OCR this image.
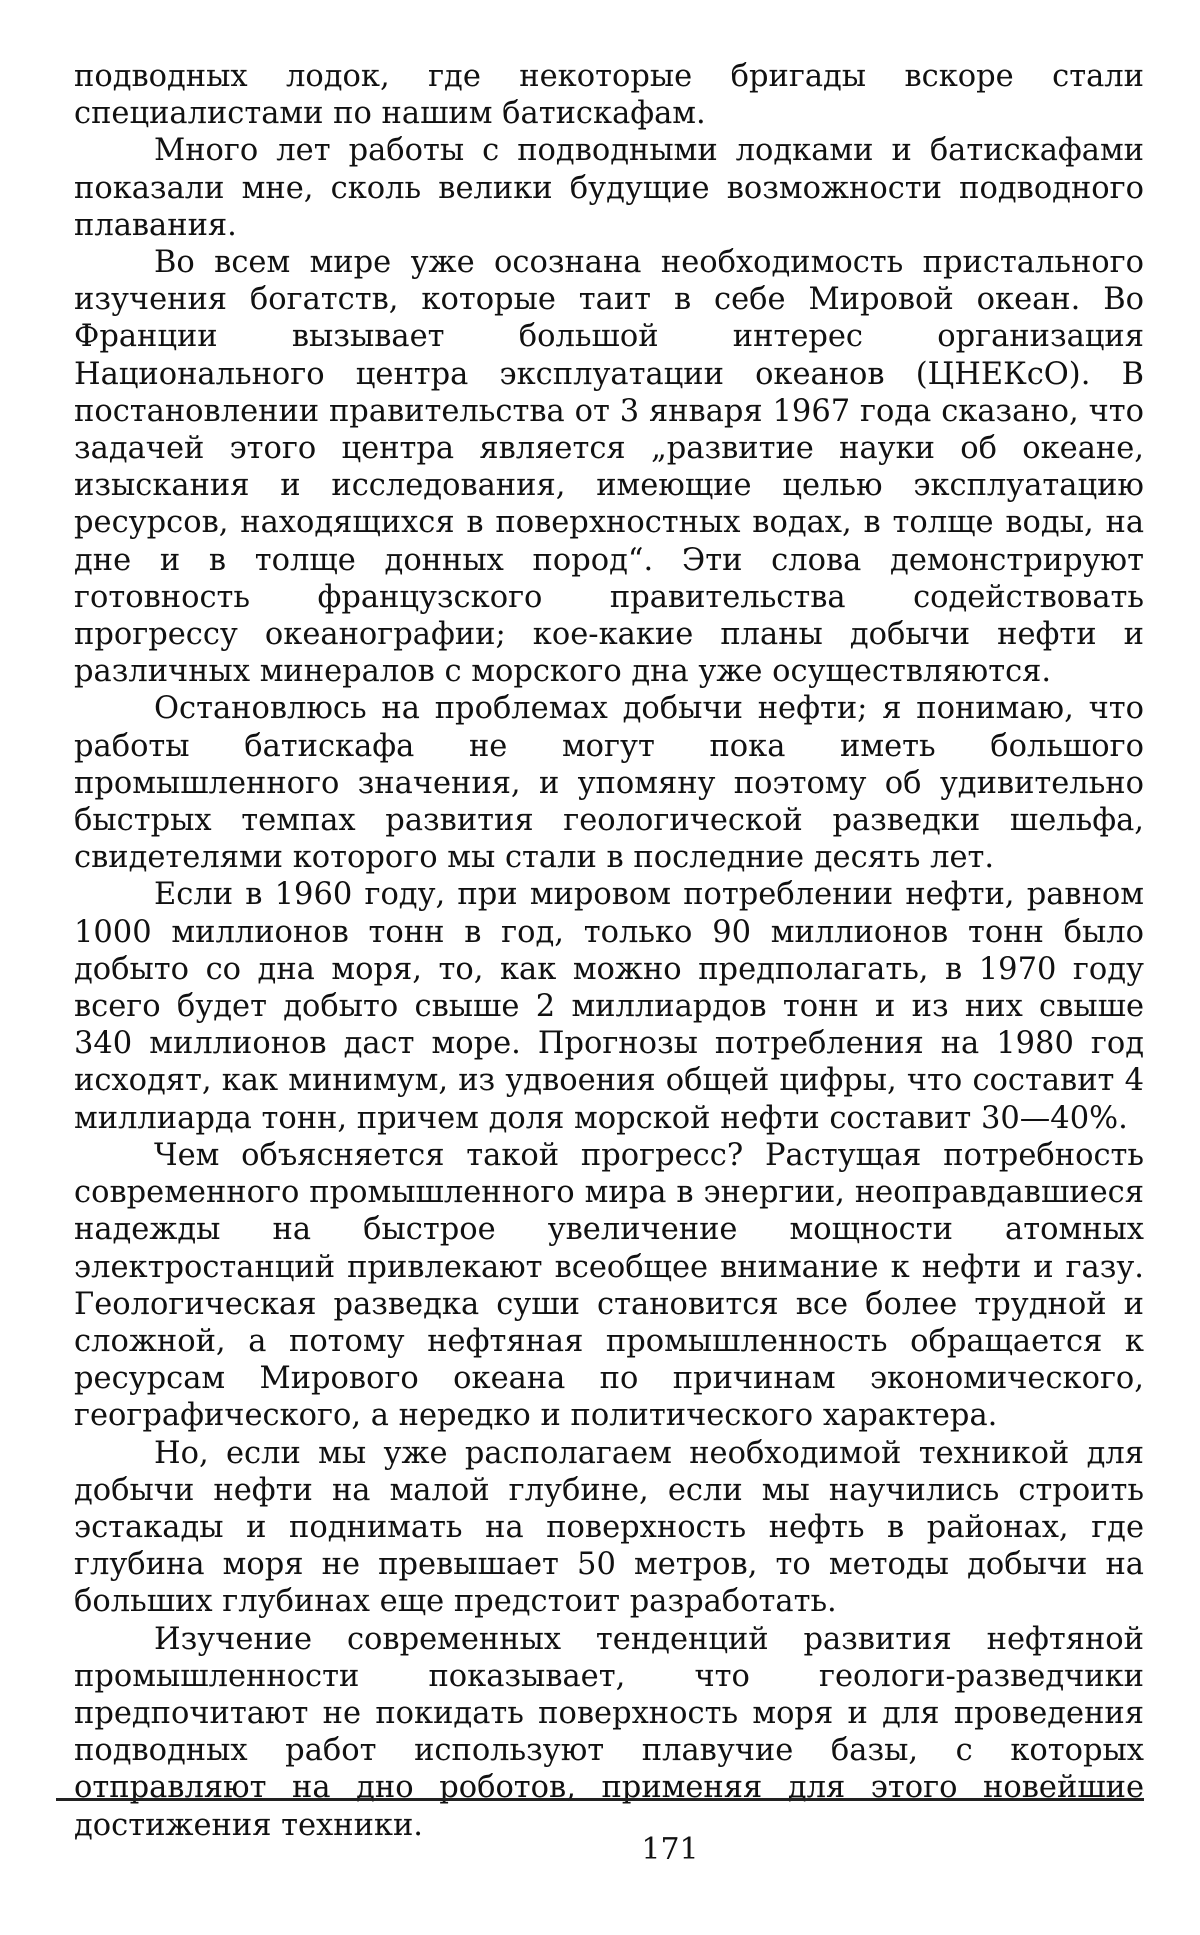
подводных лодок, где некоторые бригады вскоре стали специалистами по нашим батискафам.

Много лет работы с подводными лодками и батискафами показали мне, сколь велики будущие возможности подводного плавания.

Во всем мире уже осознана необходимость пристального изучения богатств, которые таит в себе Мировой океан. Во Франции вызывает большой интерес организация Национального центра эксплуатации океанов (ЦНЕКсО). В постановлении правительства от 3 января 1967 года сказано, что задачей этого центра является „развитие науки об океане, изыскания и исследования, имеющие целью эксплуатацию ресурсов, находящихся в поверхностных водах, в толще воды, на дне и в толще донных пород“. Эти слова демонстрируют готовность французского правительства содействовать прогрессу океанографии; кое-какие планы добычи нефти и различных минералов с морского дна уже осуществляются.

Остановлюсь на проблемах добычи нефти; я понимаю, что работы батискафа не могут пока иметь большого промышленного значения, и упомяну поэтому об удивительно быстрых темпах развития геологической разведки шельфа, свидетелями которого мы стали в последние десять лет.

Если в 1960 году, при мировом потреблении нефти, равном 1000 миллионов тонн в год, только 90 миллионов тонн было добыто со дна моря, то, как можно предполагать, в 1970 году всего будет добыто свыше 2 миллиардов тонн и из них свыше 340 миллионов даст море. Прогнозы потребления на 1980 год исходят, как минимум, из удвоения общей цифры, что составит 4 миллиарда тонн, причем доля морской нефти составит 30—40%.

Чем объясняется такой прогресс? Растущая потребность современного промышленного мира в энергии, неоправдавшиеся надежды на быстрое увеличение мощности атомных электростанций привлекают всеобщее внимание к нефти и газу. Геологическая разведка суши становится все более трудной и сложной, а потому нефтяная промышленность обращается к ресурсам Мирового океана по причинам экономического, географического, а нередко и политического характера.

Но, если мы уже располагаем необходимой техникой для добычи нефти на малой глубине, если мы научились строить эстакады и поднимать на поверхность нефть в районах, где глубина моря не превышает 50 метров, то методы добычи на больших глубинах еще предстоит разработать.

Изучение современных тенденций развития нефтяной промышленности показывает, что геологи-разведчики предпочитают не покидать поверхность моря и для проведения подводных работ используют плавучие базы, с которых отправляют на дно роботов, применяя для этого новейшие достижения техники.

171
